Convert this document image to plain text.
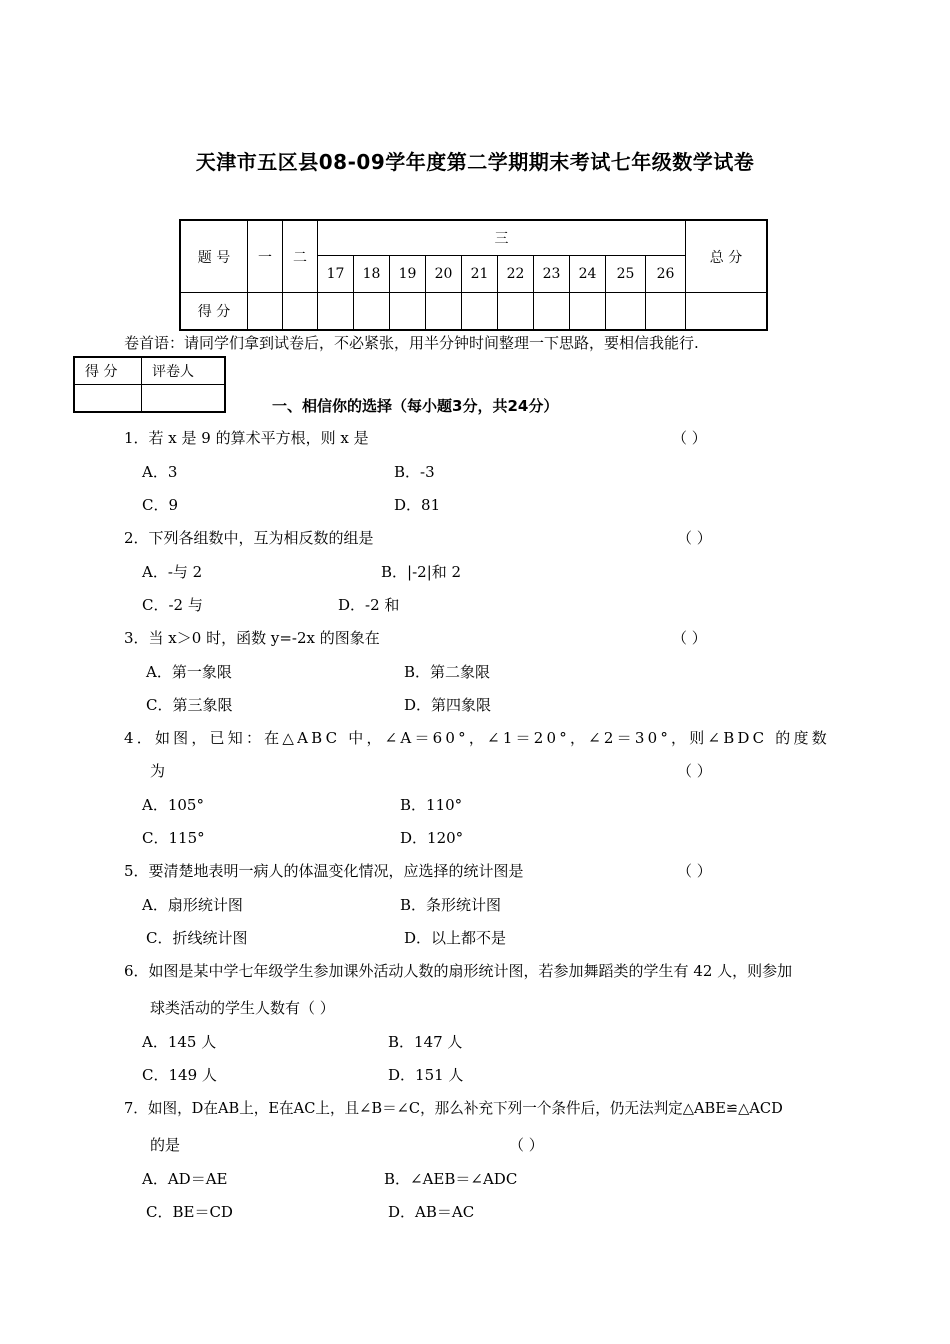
天津市五区县08-09学年度第二学期期末考试七年级数学试卷
题 号	一	二	三										总 分
			17	18	19	20	21	22	23	24	25	26	
得 分													
卷首语：请同学们拿到试卷后，不必紧张，用半分钟时间整理一下思路，要相信我能行.
得 分	评卷人

一、相信你的选择（每小题3分，共24分）
1．若 x 是 9 的算术平方根，则 x 是	（ ）
A．3	B．-3
C．9	D．81
2．下列各组数中，互为相反数的组是	（ ）
A．-与 2	B．|-2|和 2
C．-2 与	D．-2 和
3．当 x＞0 时，函数 y=-2x 的图象在	（ ）
A．第一象限	B．第二象限
C．第三象限	D．第四象限
4．如图，已知：在△ABC 中，∠A＝60°，∠1＝20°，∠2＝30°，则∠BDC 的度数
为	（ ）
A．105°	B．110°
C．115°	D．120°
5．要清楚地表明一病人的体温变化情况，应选择的统计图是	（ ）
A．扇形统计图	B．条形统计图
C．折线统计图	D．以上都不是
6．如图是某中学七年级学生参加课外活动人数的扇形统计图，若参加舞蹈类的学生有 42 人，则参加
球类活动的学生人数有（ ）
A．145 人	B．147 人
C．149 人	D．151 人
7．如图，D在AB上，E在AC上，且∠B＝∠C，那么补充下列一个条件后，仍无法判定△ABE≌△ACD
的是	（ ）
A．AD＝AE	B．∠AEB＝∠ADC
C．BE＝CD	D．AB＝AC
